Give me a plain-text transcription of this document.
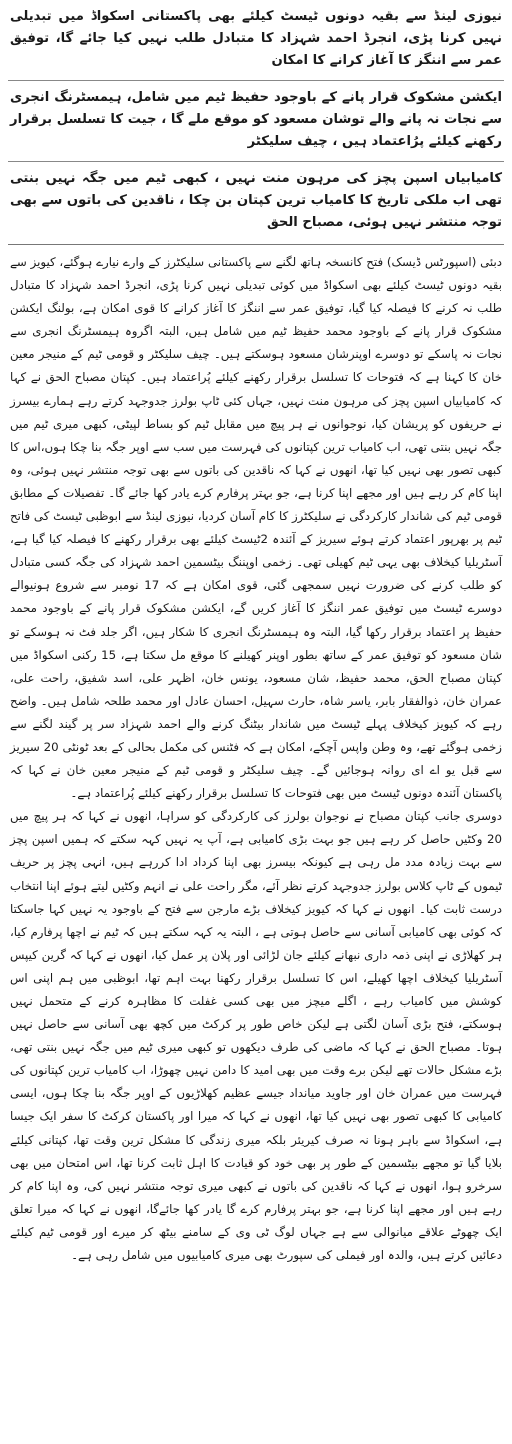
نیوزی لینڈ سے بقیہ دونوں ٹیسٹ کیلئے بھی پاکستانی اسکواڈ میں تبدیلی نہیں کرنا پڑی، انجرڈ احمد شہزاد کا متبادل طلب نہیں کیا جائے گا، توفیق عمر سے اننگز کا آغاز کرانے کا امکان
ایکشن مشکوک قرار پانے کے باوجود حفیظ ٹیم میں شامل، ہیمسٹرنگ انجری سے نجات نہ پانے والے توشان مسعود کو موقع ملے گا ، جیت کا تسلسل برقرار رکھنے کیلئے پرُاعتماد ہیں ، چیف سلیکٹر
کامیابیاں اسپن پچز کی مرہون منت نہیں ، کبھی ٹیم میں جگہ نہیں بنتی تھی اب ملکی تاریخ کا کامیاب ترین کپتان بن چکا ، ناقدین کی باتوں سے بھی توجہ منتشر نہیں ہوئی، مصباح الحق

دبئی (اسپورٹس ڈیسک) فتح کانسخہ ہاتھ لگنے سے پاکستانی سلیکٹرز کے وارے نیارے ہوگئے، کیویز سے بقیہ دونوں ٹیسٹ کیلئے بھی اسکواڈ میں کوئی تبدیلی نہیں کرنا پڑی، انجرڈ احمد شہزاد کا متبادل طلب نہ کرنے کا فیصلہ کیا گیا، توفیق عمر سے اننگز کا آغاز کرانے کا قوی امکان ہے، بولنگ ایکشن مشکوک قرار پانے کے باوجود محمد حفیظ ٹیم میں شامل ہیں، البتہ اگروہ ہیمسٹرنگ انجری سے نجات نہ پاسکے تو دوسرے اوپنرشان مسعود ہوسکتے ہیں۔ چیف سلیکٹر و قومی ٹیم کے منیجر معین خان کا کہنا ہے کہ فتوحات کا تسلسل برقرار رکھنے کیلئے پُراعتماد ہیں۔ کپتان مصباح الحق نے کہا کہ کامیابیاں اسپن پچز کی مرہون منت نہیں، جہاں کئی ٹاپ بولرز جدوجہد کرتے رہے ہمارے بیسرز نے حریفوں کو پریشان کیا، نوجوانوں نے ہر پیچ میں مقابل ٹیم کو بساط لپیٹی، کبھی میری ٹیم میں جگہ نہیں بنتی تھی، اب کامیاب ترین کپتانوں کی فہرست میں سب سے اوپر جگہ بنا چکا ہوں،اس کا کبھی تصور بھی نہیں کیا تھا، انھوں نے کہا کہ ناقدین کی باتوں سے بھی توجہ منتشر نہیں ہوئی، وہ اپنا کام کر رہے ہیں اور مجھے اپنا کرنا ہے، جو بہتر پرفارم کرے یادر کھا جائے گا۔ تفصیلات کے مطابق قومی ٹیم کی شاندار کارکردگی نے سلیکٹرز کا کام آسان کردیا، نیوزی لینڈ سے ابوظبی ٹیسٹ کی فاتح ٹیم پر بھرپور اعتماد کرتے ہوئے سیریز کے آئندہ 2ٹیسٹ کیلئے بھی برقرار رکھنے کا فیصلہ کیا گیا ہے، آسٹریلیا کیخلاف بھی یہی ٹیم کھیلی تھی۔ زخمی اوپننگ بیٹسمین احمد شہزاد کی جگہ کسی متبادل کو طلب کرنے کی ضرورت نہیں سمجھی گئی، قوی امکان ہے کہ 17 نومبر سے شروع ہونیوالے دوسرے ٹیسٹ میں توفیق عمر اننگز کا آغاز کریں گے، ایکشن مشکوک قرار پانے کے باوجود محمد حفیظ پر اعتماد برقرار رکھا گیا، البتہ وہ ہیمسٹرنگ انجری کا شکار ہیں، اگر جلد فٹ نہ ہوسکے تو شان مسعود کو توفیق عمر کے ساتھ بطور اوپنر کھیلنے کا موقع مل سکتا ہے، 15 رکنی اسکواڈ میں کپتان مصباح الحق، محمد حفیظ، شان مسعود، یونس خان، اظہر علی، اسد شفیق، راحت علی، عمران خان، ذوالفقار بابر، یاسر شاہ، حارث سہیل، احسان عادل اور محمد طلحہ شامل ہیں۔ واضح رہے کہ کیویز کیخلاف پہلے ٹیسٹ میں شاندار بیٹنگ کرنے والے احمد شہزاد سر پر گیند لگنے سے زخمی ہوگئے تھے، وہ وطن واپس آچکے، امکان ہے کہ فٹنس کی مکمل بحالی کے بعد ٹونٹی 20 سیریز سے قبل یو اے ای روانہ ہوجائیں گے۔ چیف سلیکٹر و قومی ٹیم کے منیجر معین خان نے کہا کہ پاکستان آئندہ دونوں ٹیسٹ میں بھی فتوحات کا تسلسل برقرار رکھنے کیلئے پُراعتماد ہے۔

دوسری جانب کپتان مصباح نے نوجوان بولرز کی کارکردگی کو سراہا، انھوں نے کہا کہ ہر پیچ میں 20 وکٹیں حاصل کر رہے ہیں جو بہت بڑی کامیابی ہے، آپ یہ نہیں کہہ سکتے کہ ہمیں اسپن پچز سے بہت زیادہ مدد مل رہی ہے کیونکہ بیسرز بھی اپنا کرداد ادا کررہے ہیں، انہی پچز پر حریف ٹیموں کے ٹاپ کلاس بولرز جدوجہد کرتے نظر آئے، مگر راحت علی نے انہم وکٹیں لیتے ہوئے اپنا انتخاب درست ثابت کیا۔ انھوں نے کہا کہ کیویز کیخلاف بڑے مارجن سے فتح کے باوجود یہ نہیں کہا جاسکتا کہ کوئی بھی کامیابی آسانی سے حاصل ہوتی ہے ، البتہ یہ کہہ سکتے ہیں کہ ٹیم نے اچھا پرفارم کیا، ہر کھلاڑی نے اپنی ذمہ داری نبھانے کیلئے جان لڑائی اور پلان پر عمل کیا، انھوں نے کہا کہ گرین کیپس آسٹریلیا کیخلاف اچھا کھیلے، اس کا تسلسل برقرار رکھنا بہت اہم تھا، ابوظبی میں ہم اپنی اس کوشش میں کامیاب رہے ، اگلے میچز میں بھی کسی غفلت کا مظاہرہ کرنے کے متحمل نہیں ہوسکتے، فتح بڑی آسان لگتی ہے لیکن خاص طور پر کرکٹ میں کچھ بھی آسانی سے حاصل نہیں ہوتا۔ مصباح الحق نے کہا کہ ماضی کی طرف دیکھوں تو کبھی میری ٹیم میں جگہ نہیں بنتی تھی، بڑے مشکل حالات تھے لیکن برے وقت میں بھی امید کا دامن نہیں چھوڑا، اب کامیاب ترین کپتانوں کی فہرست میں عمران خان اور جاوید میانداد جیسے عظیم کھلاڑیوں کے اوپر جگہ بنا چکا ہوں، ایسی کامیابی کا کبھی تصور بھی نہیں کیا تھا، انھوں نے کہا کہ میرا اور پاکستان کرکٹ کا سفر ایک جیسا ہے، اسکواڈ سے باہر ہونا نہ صرف کیریئر بلکہ میری زندگی کا مشکل ترین وقت تھا، کپتانی کیلئے بلایا گیا تو مجھے بیٹسمین کے طور پر بھی خود کو قیادت کا اہل ثابت کرنا تھا، اس امتحان میں بھی سرخرو ہوا، انھوں نے کہا کہ ناقدین کی باتوں نے کبھی میری توجہ منتشر نہیں کی، وہ اپنا کام کر رہے ہیں اور مجھے اپنا کرنا ہے، جو بہتر پرفارم کرے گا یادر کھا جائےگا، انھوں نے کہا کہ میرا تعلق ایک چھوٹے علاقے میانوالی سے ہے جہاں لوگ ٹی وی کے سامنے بیٹھ کر میرے اور قومی ٹیم کیلئے دعائیں کرتے ہیں، والدہ اور فیملی کی سپورٹ بھی میری کامیابیوں میں شامل رہی ہے۔
